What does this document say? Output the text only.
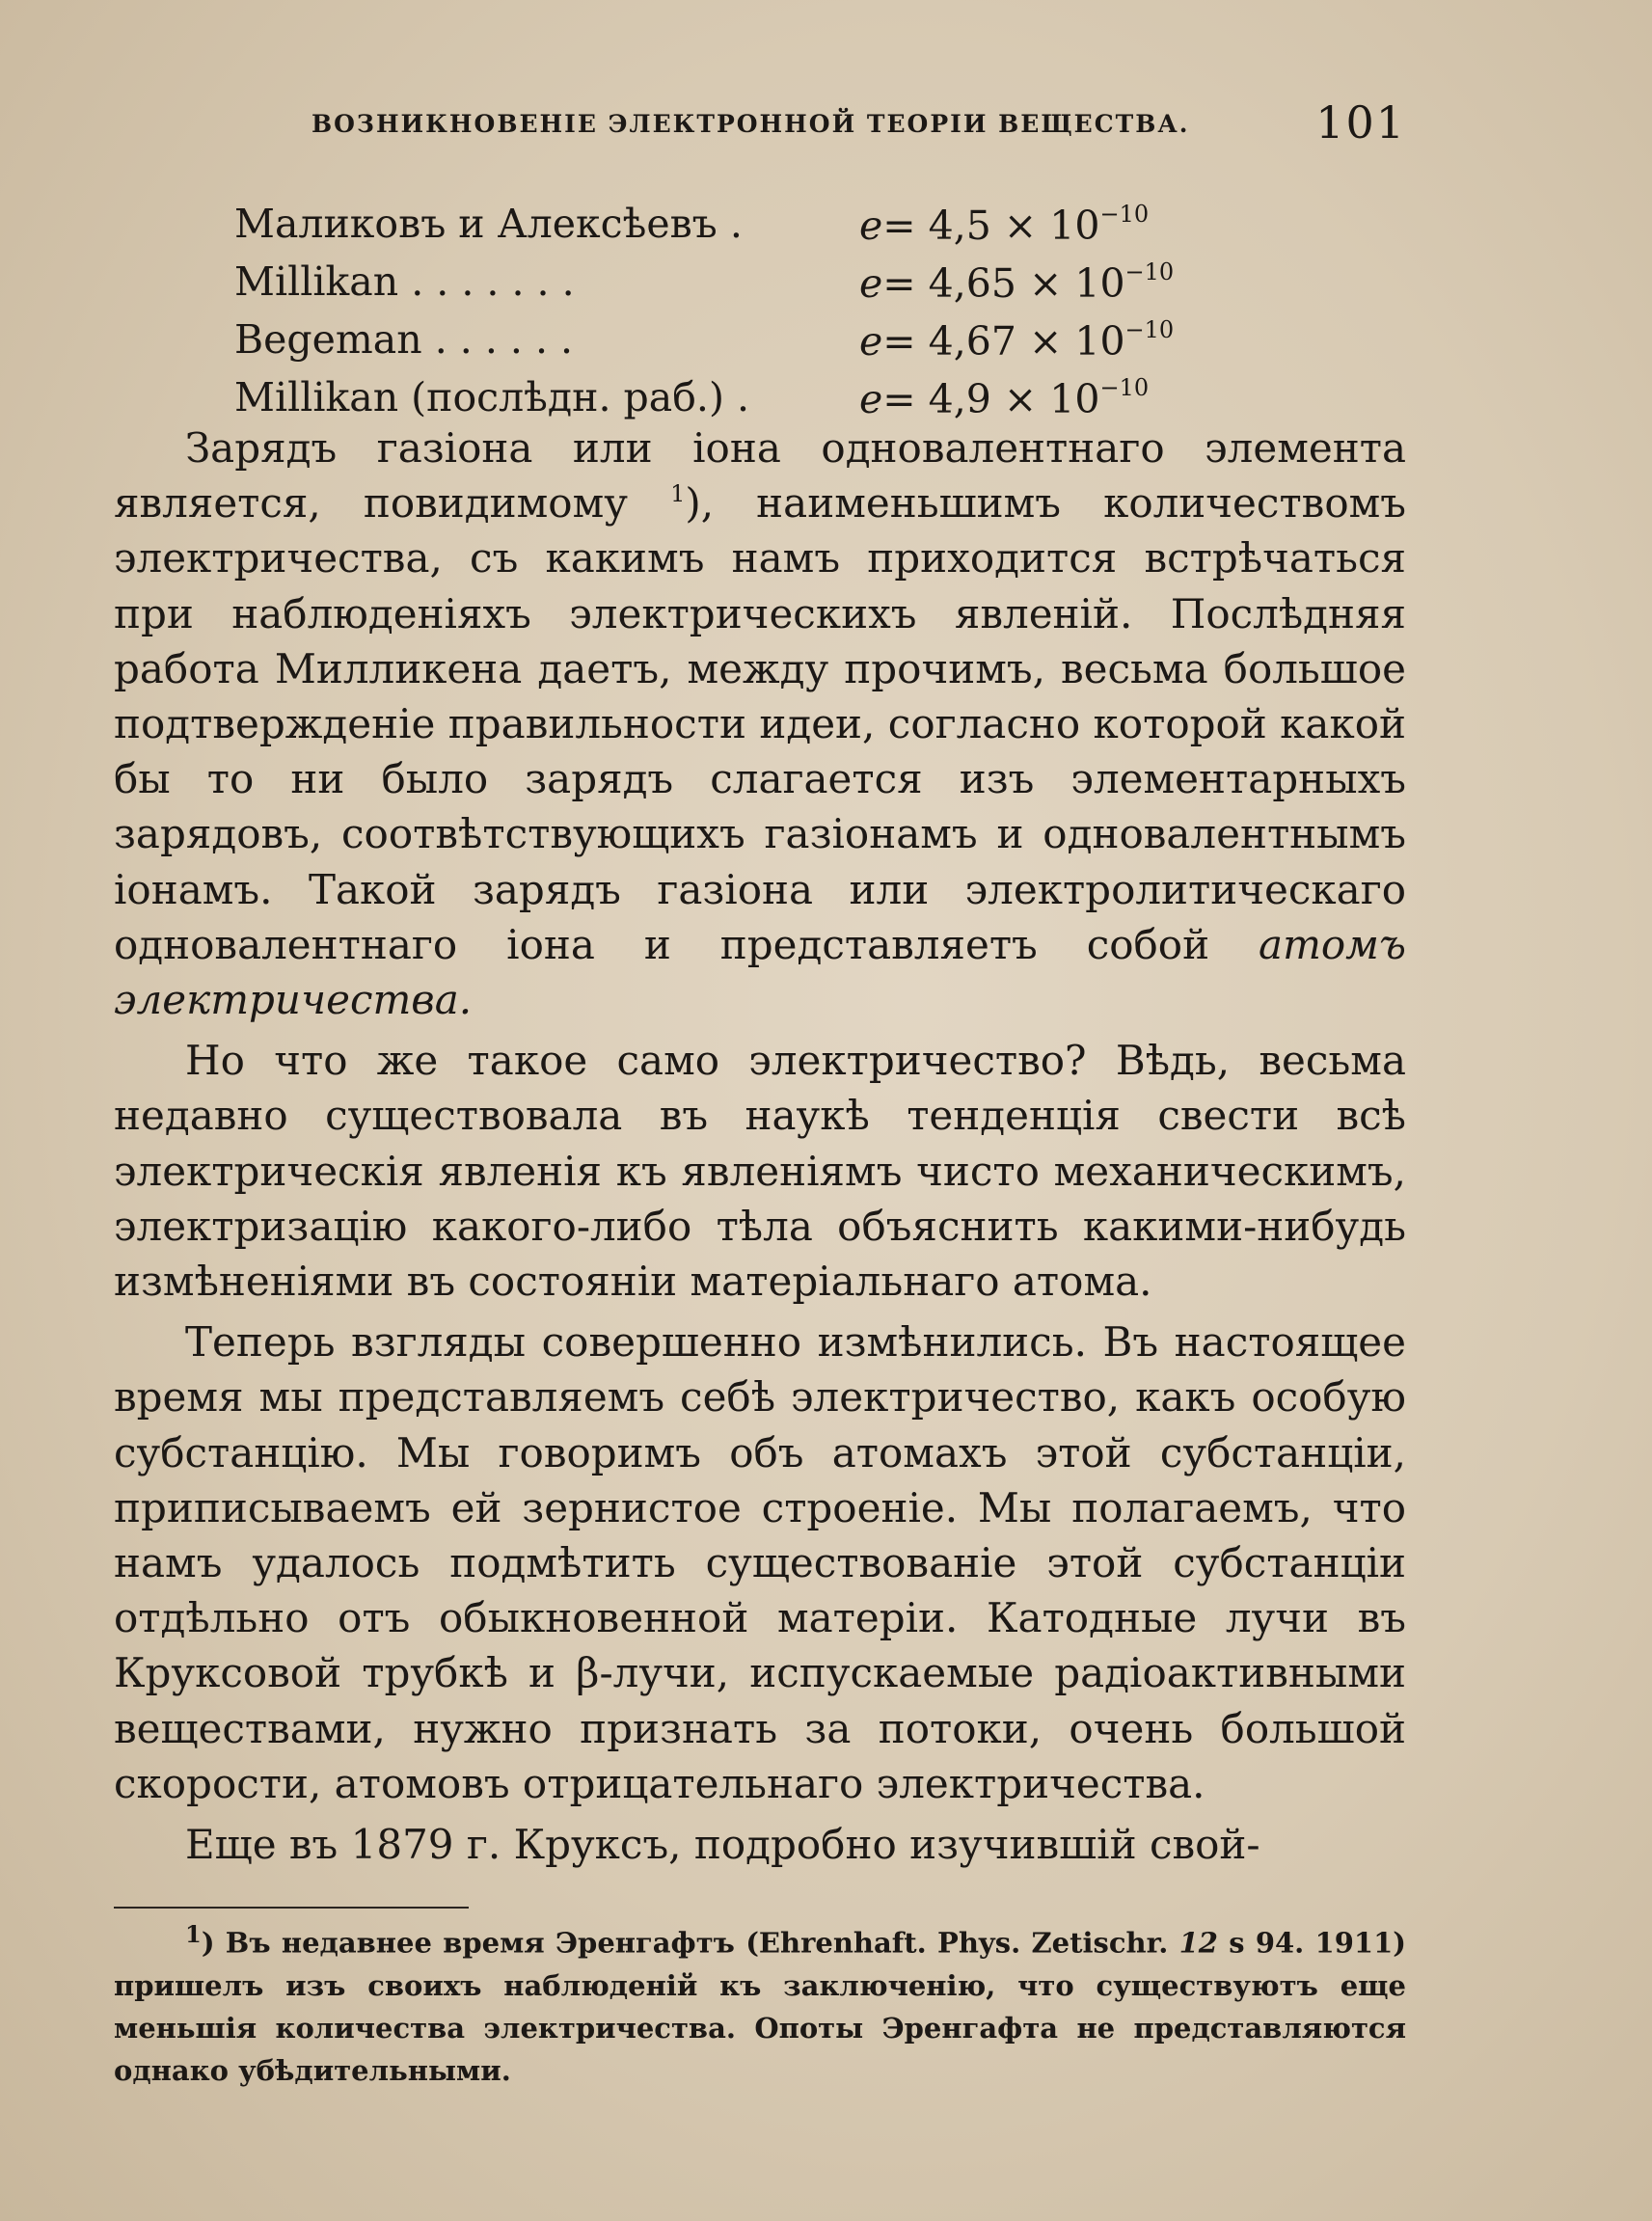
ВОЗНИКНОВЕНІЕ ЭЛЕКТРОННОЙ ТЕОРІИ ВЕЩЕСТВА.	101
Маликовъ и Алексѣевъ .	$e= 4,5 \times 10^{-10}$
Millikan . . . . . . .	$e= 4,65 \times 10^{-10}$
Begeman . . . . . .	$e= 4,67 \times 10^{-10}$
Millikan (послѣдн. раб.) .	$e= 4,9 \times 10^{-10}$

Зарядъ газіона или іона одновалентнаго элемента является, повидимому $^1$), наименьшимъ количествомъ электричества, съ какимъ намъ приходится встрѣчаться при наблюденіяхъ электрическихъ явленій. Послѣдняя работа Милликена даетъ, между прочимъ, весьма большое подтвержденіе правильности идеи, согласно которой какой бы то ни было зарядъ слагается изъ элементарныхъ зарядовъ, соотвѣтствующихъ газіонамъ и одновалентнымъ іонамъ. Такой зарядъ газіона или электролитическаго одновалентнаго іона и представляетъ собой атомъ электричества.

Но что же такое само электричество? Вѣдь, весьма недавно существовала въ наукѣ тенденція свести всѣ электрическія явленія къ явленіямъ чисто механическимъ, электризацію какого-либо тѣла объяснить какими-нибудь измѣненіями въ состояніи матеріальнаго атома.

Теперь взгляды совершенно измѣнились. Въ настоящее время мы представляемъ себѣ электричество, какъ особую субстанцію. Мы говоримъ объ атомахъ этой субстанціи, приписываемъ ей зернистое строеніе. Мы полагаемъ, что намъ удалось подмѣтить существованіе этой субстанціи отдѣльно отъ обыкновенной матеріи. Катодные лучи въ Круксовой трубкѣ и β-лучи, испускаемые радіоактивными веществами, нужно признать за потоки, очень большой скорости, атомовъ отрицательнаго электричества.

Еще въ 1879 г. Круксъ, подробно изучившій свой-

$^1$) Въ недавнее время Эренгафтъ (Ehrenhaft. Phys. Zetischr. 12 s 94. 1911) пришелъ изъ своихъ наблюденій къ заключенію, что существуютъ еще меньшія количества электричества. Опоты Эренгафта не представляются однако убѣдительными.
